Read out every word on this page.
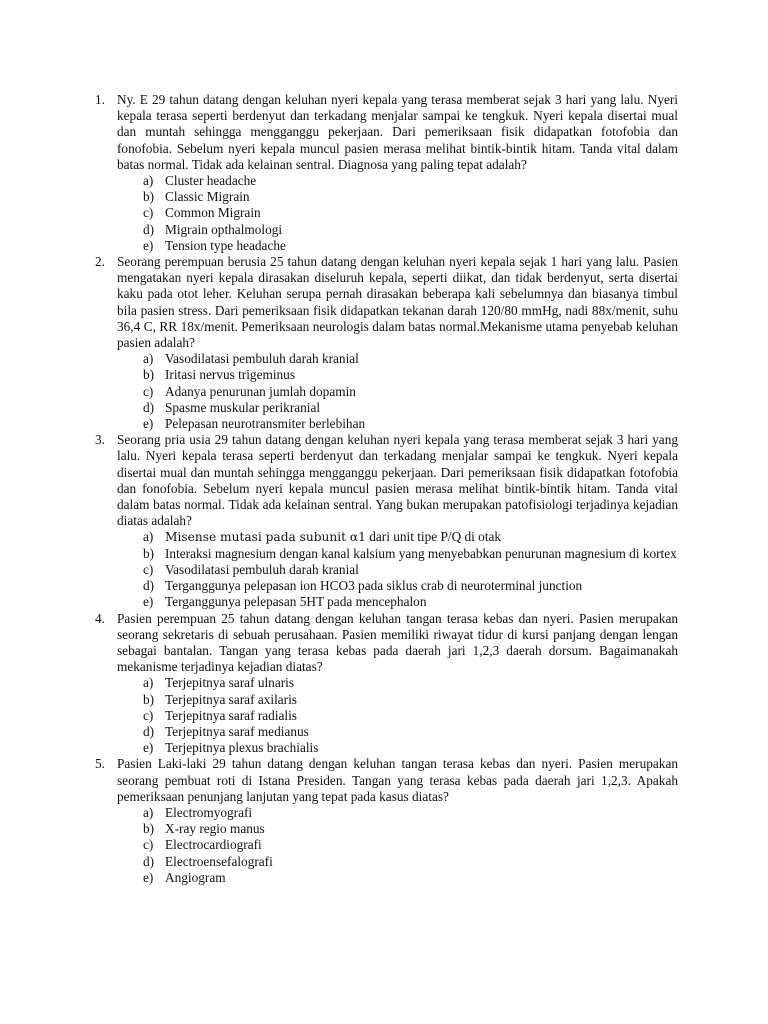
1. Ny. E 29 tahun datang dengan keluhan nyeri kepala yang terasa memberat sejak 3 hari yang lalu. Nyeri kepala terasa seperti berdenyut dan terkadang menjalar sampai ke tengkuk. Nyeri kepala disertai mual dan muntah sehingga mengganggu pekerjaan. Dari pemeriksaan fisik didapatkan fotofobia dan fonofobia. Sebelum nyeri kepala muncul pasien merasa melihat bintik-bintik hitam. Tanda vital dalam batas normal. Tidak ada kelainan sentral. Diagnosa yang paling tepat adalah?
a) Cluster headache
b) Classic Migrain
c) Common Migrain
d) Migrain opthalmologi
e) Tension type headache
2. Seorang perempuan berusia 25 tahun datang dengan keluhan nyeri kepala sejak 1 hari yang lalu. Pasien mengatakan nyeri kepala dirasakan diseluruh kepala, seperti diikat, dan tidak berdenyut, serta disertai kaku pada otot leher. Keluhan serupa pernah dirasakan beberapa kali sebelumnya dan biasanya timbul bila pasien stress. Dari pemeriksaan fisik didapatkan tekanan darah 120/80 mmHg, nadi 88x/menit, suhu 36,4 C, RR 18x/menit. Pemeriksaan neurologis dalam batas normal.Mekanisme utama penyebab keluhan pasien adalah?
a) Vasodilatasi pembuluh darah kranial
b) Iritasi nervus trigeminus
c) Adanya penurunan jumlah dopamin
d) Spasme muskular perikranial
e) Pelepasan neurotransmiter berlebihan
3. Seorang pria usia 29 tahun datang dengan keluhan nyeri kepala yang terasa memberat sejak 3 hari yang lalu. Nyeri kepala terasa seperti berdenyut dan terkadang menjalar sampai ke tengkuk. Nyeri kepala disertai mual dan muntah sehingga mengganggu pekerjaan. Dari pemeriksaan fisik didapatkan fotofobia dan fonofobia. Sebelum nyeri kepala muncul pasien merasa melihat bintik-bintik hitam. Tanda vital dalam batas normal. Tidak ada kelainan sentral. Yang bukan merupakan patofisiologi terjadinya kejadian diatas adalah?
a) Misense mutasi pada subunit α1 dari unit tipe P/Q di otak
b) Interaksi magnesium dengan kanal kalsium yang menyebabkan penurunan magnesium di kortex
c) Vasodilatasi pembuluh darah kranial
d) Terganggunya pelepasan ion HCO3 pada siklus crab di neuroterminal junction
e) Terganggunya pelepasan 5HT pada mencephalon
4. Pasien perempuan 25 tahun datang dengan keluhan tangan terasa kebas dan nyeri. Pasien merupakan seorang sekretaris di sebuah perusahaan. Pasien memiliki riwayat tidur di kursi panjang dengan lengan sebagai bantalan. Tangan yang terasa kebas pada daerah jari 1,2,3 daerah dorsum. Bagaimanakah mekanisme terjadinya kejadian diatas?
a) Terjepitnya saraf ulnaris
b) Terjepitnya saraf axilaris
c) Terjepitnya saraf radialis
d) Terjepitnya saraf medianus
e) Terjepitnya plexus brachialis
5. Pasien Laki-laki 29 tahun datang dengan keluhan tangan terasa kebas dan nyeri. Pasien merupakan seorang pembuat roti di Istana Presiden. Tangan yang terasa kebas pada daerah jari 1,2,3. Apakah pemeriksaan penunjang lanjutan yang tepat pada kasus diatas?
a) Electromyografi
b) X-ray regio manus
c) Electrocardiografi
d) Electroensefalografi
e) Angiogram
